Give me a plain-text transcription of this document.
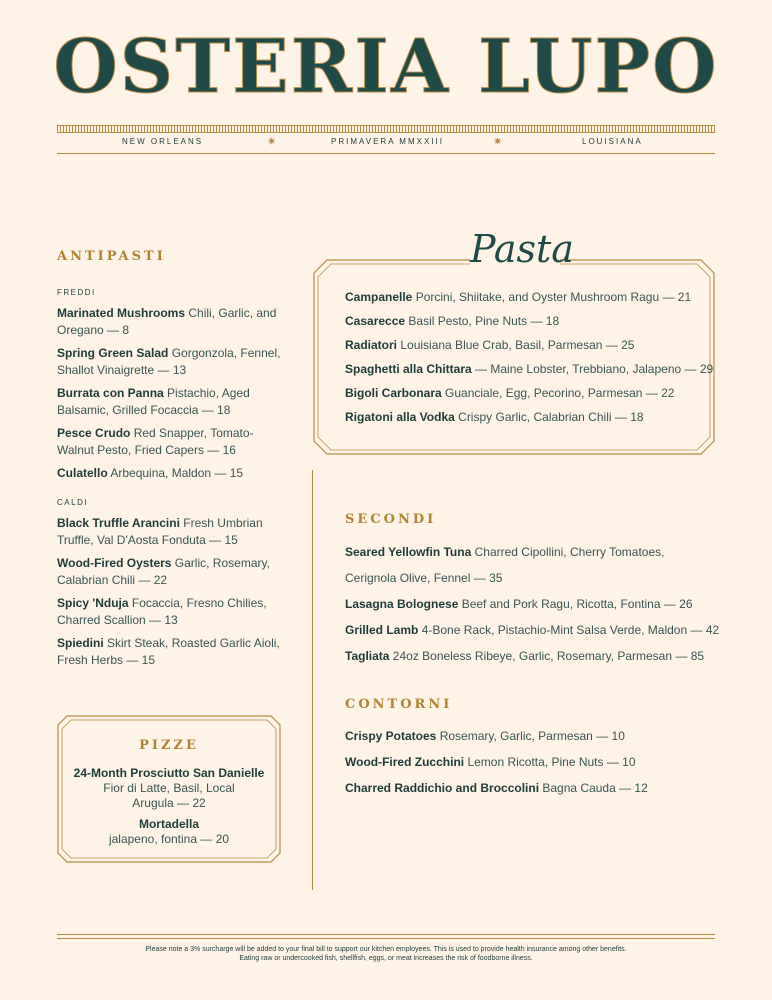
OSTERIA LUPO
NEW ORLEANS	✷	PRIMAVERA MMXXIII	✷	LOUISIANA
ANTIPASTI
FREDDI
Marinated Mushrooms Chili, Garlic, and Oregano — 8
Spring Green Salad Gorgonzola, Fennel, Shallot Vinaigrette — 13
Burrata con Panna Pistachio, Aged Balsamic, Grilled Focaccia — 18
Pesce Crudo Red Snapper, Tomato-Walnut Pesto, Fried Capers — 16
Culatello Arbequina, Maldon — 15
CALDI
Black Truffle Arancini Fresh Umbrian Truffle, Val D'Aosta Fonduta — 15
Wood-Fired Oysters Garlic, Rosemary, Calabrian Chili — 22
Spicy 'Nduja Focaccia, Fresno Chilies, Charred Scallion — 13
Spiedini Skirt Steak, Roasted Garlic Aioli, Fresh Herbs — 15
Pasta
Campanelle Porcini, Shiitake, and Oyster Mushroom Ragu — 21
Casarecce Basil Pesto, Pine Nuts — 18
Radiatori Louisiana Blue Crab, Basil, Parmesan — 25
Spaghetti alla Chittara — Maine Lobster, Trebbiano, Jalapeno — 29
Bigoli Carbonara Guanciale, Egg, Pecorino, Parmesan — 22
Rigatoni alla Vodka Crispy Garlic, Calabrian Chili — 18
SECONDI
Seared Yellowfin Tuna Charred Cipollini, Cherry Tomatoes,
Cerignola Olive, Fennel — 35
Lasagna Bolognese Beef and Pork Ragu, Ricotta, Fontina — 26
Grilled Lamb 4-Bone Rack, Pistachio-Mint Salsa Verde, Maldon — 42
Tagliata 24oz Boneless Ribeye, Garlic, Rosemary, Parmesan — 85
CONTORNI
Crispy Potatoes Rosemary, Garlic, Parmesan — 10
Wood-Fired Zucchini Lemon Ricotta, Pine Nuts — 10
Charred Raddichio and Broccolini Bagna Cauda — 12
PIZZE
24-Month Prosciutto San Danielle
Fior di Latte, Basil, Local Arugula — 22
Mortadella
jalapeno, fontina — 20
Please note a 3% surcharge will be added to your final bill to support our kitchen employees. This is used to provide health insurance among other benefits.
Eating raw or undercooked fish, shellfish, eggs, or meat increases the risk of foodborne illness.
